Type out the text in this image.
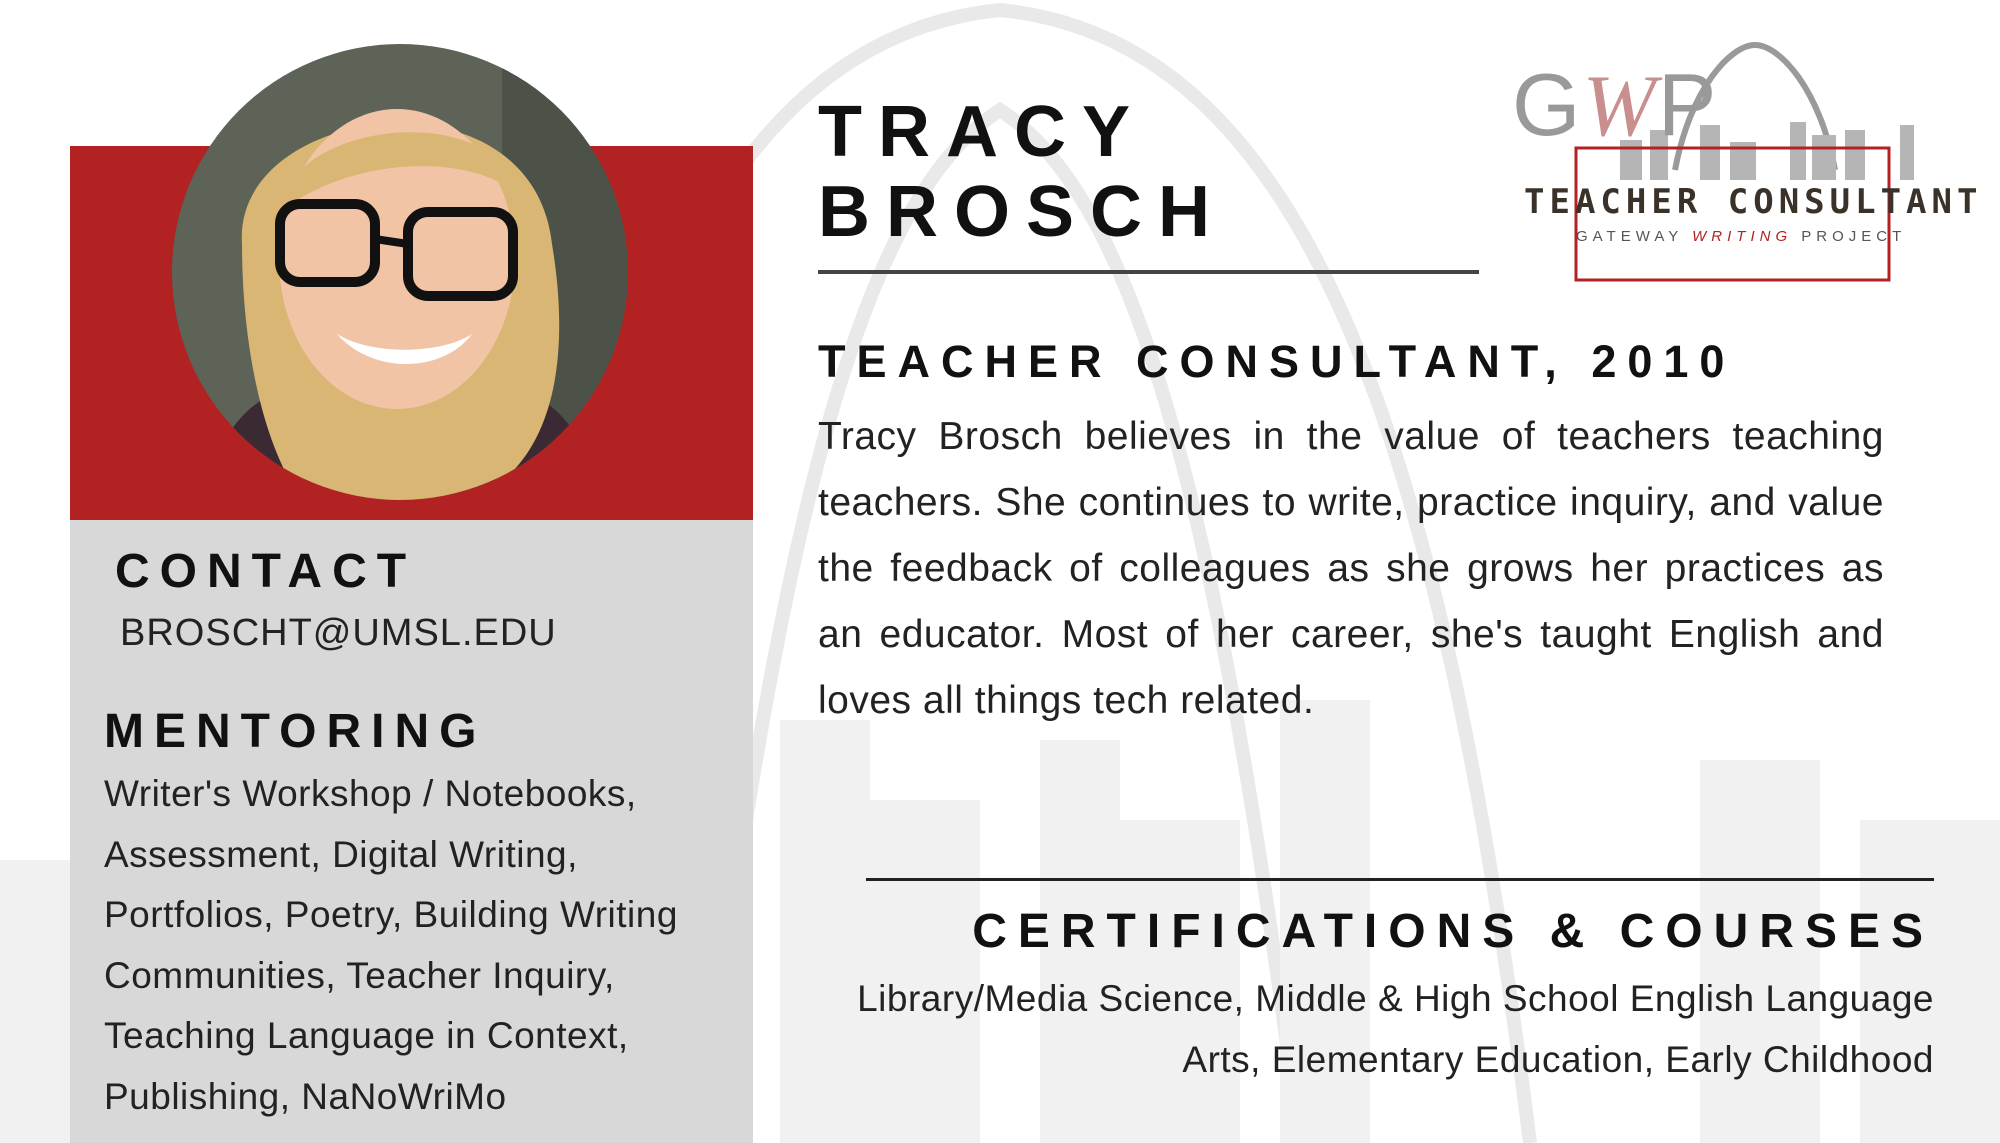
CONTACT
BROSCHT@UMSL.EDU
MENTORING
Writer's Workshop / Notebooks, Assessment, Digital Writing, Portfolios, Poetry, Building Writing Communities, Teacher Inquiry, Teaching Language in Context, Publishing, NaNoWriMo
TRACY
BROSCH
TEACHER CONSULTANT, 2010
Tracy Brosch believes in the value of teachers teaching teachers. She continues to write, practice inquiry, and value the feedback of colleagues as she grows her practices as an educator. Most of her career, she's taught English and loves all things tech related.
CERTIFICATIONS & COURSES
Library/Media Science, Middle & High School English Language Arts, Elementary Education, Early Childhood
GWP
TEACHER CONSULTANT
GATEWAY WRITING PROJECT
